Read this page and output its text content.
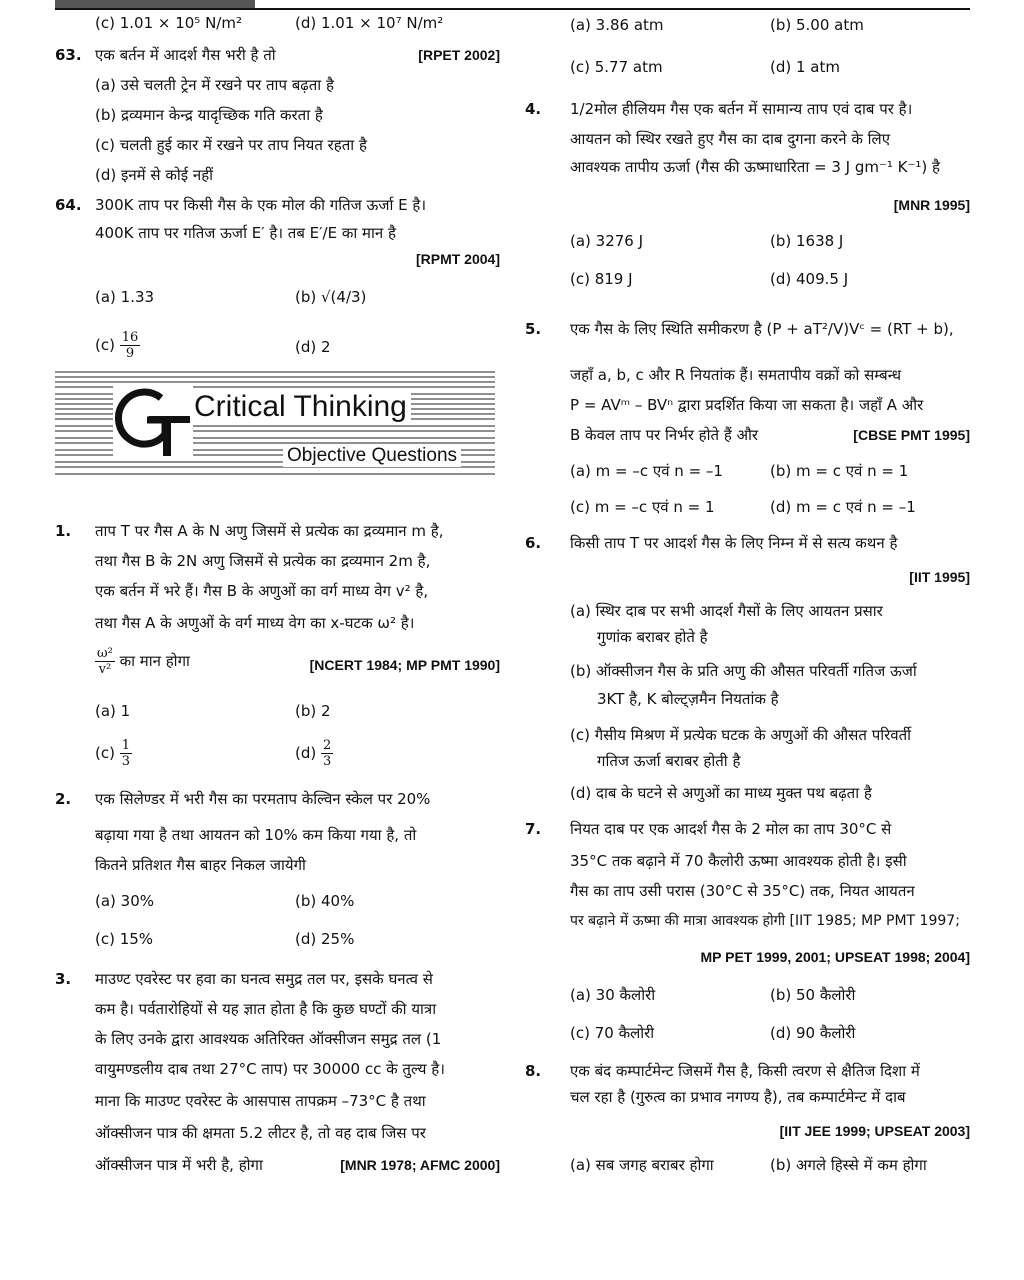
(c) 1.01 × 10⁵ N/m²	(d) 1.01 × 10⁷ N/m²
63. एक बर्तन में आदर्श गैस भरी है तो	[RPET 2002]
(a) उसे चलती ट्रेन में रखने पर ताप बढ़ता है
(b) द्रव्यमान केन्द्र यादृच्छिक गति करता है
(c) चलती हुई कार में रखने पर ताप नियत रहता है
(d) इनमें से कोई नहीं
64. 300K ताप पर किसी गैस के एक मोल की गतिज ऊर्जा E है।
400K ताप पर गतिज ऊर्जा E′ है। तब E′/E का मान है
[RPMT 2004]
(a) 1.33	(b) √(4/3)
$(c) \frac{16}{9}$	(d) 2
Critical Thinking
Objective Questions
1. ताप T पर गैस A के N अणु जिसमें से प्रत्येक का द्रव्यमान m है,
तथा गैस B के 2N अणु जिसमें से प्रत्येक का द्रव्यमान 2m है,
एक बर्तन में भरे हैं। गैस B के अणुओं का वर्ग माध्य वेग v² है,
तथा गैस A के अणुओं के वर्ग माध्य वेग का x-घटक ω² है।
$\frac{\text{ω²}}{\text{v²}}$ का मान होगा	[NCERT 1984; MP PMT 1990]
(a) 1	(b) 2
$(c) \frac{1}{3}$	$(d) \frac{2}{3}$
2. एक सिलेण्डर में भरी गैस का परमताप केल्विन स्केल पर 20%
बढ़ाया गया है तथा आयतन को 10% कम किया गया है, तो
कितने प्रतिशत गैस बाहर निकल जायेगी
(a) 30%	(b) 40%
(c) 15%	(d) 25%
3. माउण्ट एवरेस्ट पर हवा का घनत्व समुद्र तल पर, इसके घनत्व से
कम है। पर्वतारोहियों से यह ज्ञात होता है कि कुछ घण्टों की यात्रा
के लिए उनके द्वारा आवश्यक अतिरिक्त ऑक्सीजन समुद्र तल (1
वायुमण्डलीय दाब तथा 27°C ताप) पर 30000 cc के तुल्य है।
माना कि माउण्ट एवरेस्ट के आसपास तापक्रम –73°C है तथा
ऑक्सीजन पात्र की क्षमता 5.2 लीटर है, तो वह दाब जिस पर
ऑक्सीजन पात्र में भरी है, होगा	[MNR 1978; AFMC 2000]
(a) 3.86 atm	(b) 5.00 atm
(c) 5.77 atm	(d) 1 atm
4. 1/2मोल हीलियम गैस एक बर्तन में सामान्य ताप एवं दाब पर है।
आयतन को स्थिर रखते हुए गैस का दाब दुगना करने के लिए
आवश्यक तापीय ऊर्जा (गैस की ऊष्माधारिता = 3 J gm⁻¹ K⁻¹) है
[MNR 1995]
(a) 3276 J	(b) 1638 J
(c) 819 J	(d) 409.5 J
5. एक गैस के लिए स्थिति समीकरण है (P + aT²/V)Vᶜ = (RT + b),
जहाँ a, b, c और R नियतांक हैं। समतापीय वक्रों को सम्बन्ध
P = AVᵐ – BVⁿ द्वारा प्रदर्शित किया जा सकता है। जहाँ A और
B केवल ताप पर निर्भर होते हैं और	[CBSE PMT 1995]
(a) m = –c एवं n = –1	(b) m = c एवं n = 1
(c) m = –c एवं n = 1	(d) m = c एवं n = –1
6. किसी ताप T पर आदर्श गैस के लिए निम्न में से सत्य कथन है
[IIT 1995]
(a) स्थिर दाब पर सभी आदर्श गैसों के लिए आयतन प्रसार
गुणांक बराबर होते है
(b) ऑक्सीजन गैस के प्रति अणु की औसत परिवर्ती गतिज ऊर्जा
3KT है, K बोल्ट्ज़मैन नियतांक है
(c) गैसीय मिश्रण में प्रत्येक घटक के अणुओं की औसत परिवर्ती
गतिज ऊर्जा बराबर होती है
(d) दाब के घटने से अणुओं का माध्य मुक्त पथ बढ़ता है
7. नियत दाब पर एक आदर्श गैस के 2 मोल का ताप 30°C से
35°C तक बढ़ाने में 70 कैलोरी ऊष्मा आवश्यक होती है। इसी
गैस का ताप उसी परास (30°C से 35°C) तक, नियत आयतन
पर बढ़ाने में ऊष्मा की मात्रा आवश्यक होगी [IIT 1985; MP PMT 1997;
MP PET 1999, 2001; UPSEAT 1998; 2004]
(a) 30 कैलोरी	(b) 50 कैलोरी
(c) 70 कैलोरी	(d) 90 कैलोरी
8. एक बंद कम्पार्टमेन्ट जिसमें गैस है, किसी त्वरण से क्षैतिज दिशा में
चल रहा है (गुरुत्व का प्रभाव नगण्य है), तब कम्पार्टमेन्ट में दाब
[IIT JEE 1999; UPSEAT 2003]
(a) सब जगह बराबर होगा	(b) अगले हिस्से में कम होगा
